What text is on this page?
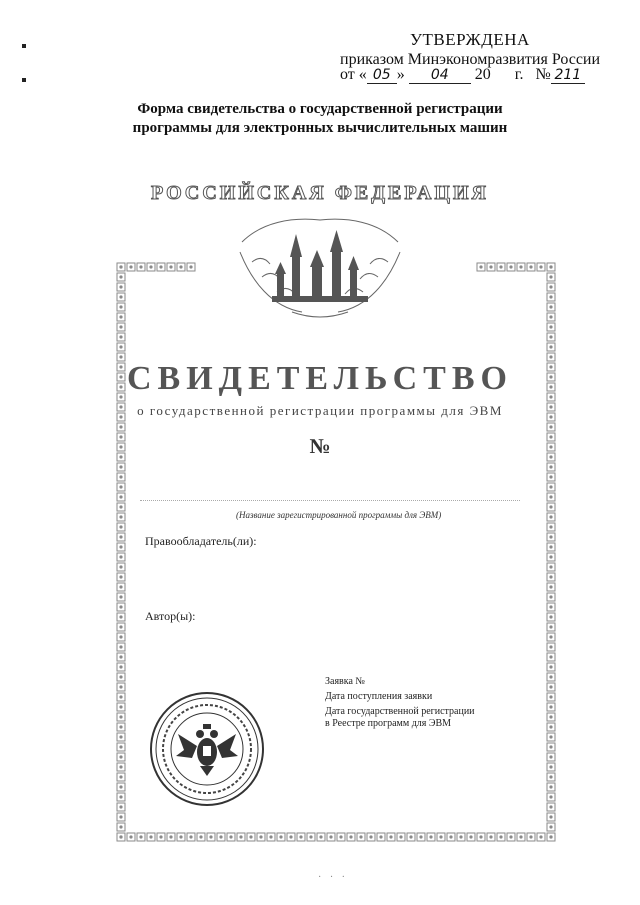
УТВЕРЖДЕНА
приказом Минэкономразвития России
от « 05 » 04 20 г. № 211
Форма свидетельства о государственной регистрации
программы для электронных вычислительных машин
РОССИЙСКАЯ ФЕДЕРАЦИЯ
СВИДЕТЕЛЬСТВО
о государственной регистрации программы для ЭВМ
№
(Название зарегистрированной программы для ЭВМ)
Правообладатель(ли):
Автор(ы):
Заявка №
Дата поступления заявки
Дата государственной регистрации
в Реестре программ для ЭВМ
· · ·
